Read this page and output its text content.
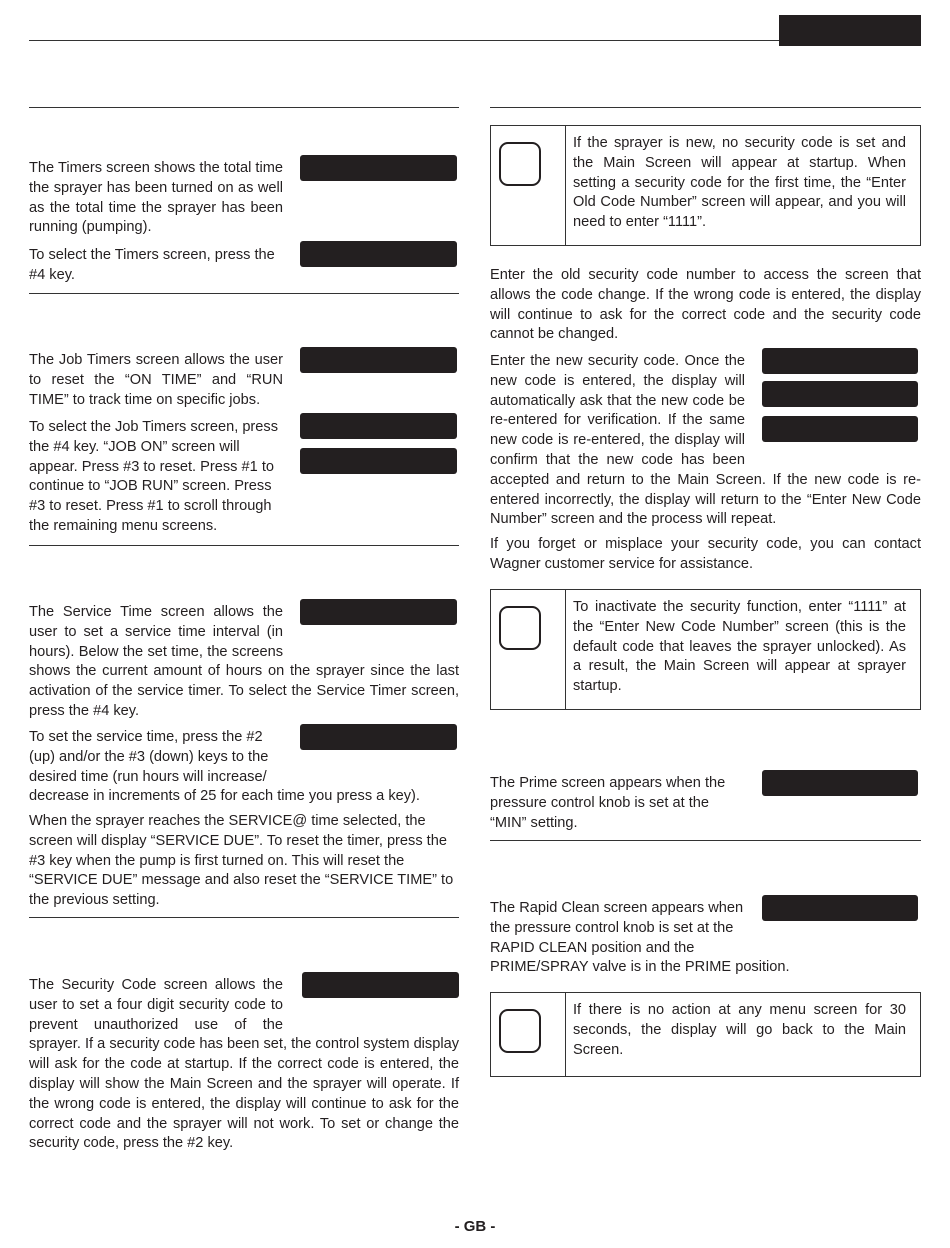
The Timers screen shows the total time the sprayer has been turned on as well as the total time the sprayer has been running (pumping).

To select the Timers screen, press the #4 key.

The Job Timers screen allows the user to reset the “ON TIME” and “RUN TIME” to track time on specific jobs.

To select the Job Timers screen, press the #4 key. “JOB ON” screen will appear. Press #3 to reset. Press #1 to continue to “JOB RUN” screen. Press #3 to reset. Press #1 to scroll through the remaining menu screens.
The Service Time screen allows the user to set a service time interval (in hours). Below the set time, the screens shows the current amount of hours on the sprayer since the last activation of the service timer. To select the Service Timer screen, press the #4 key.
To set the service time, press the #2 (up) and/or the #3 (down) keys to the desired time (run hours will increase/ decrease in increments of 25 for each time you press a key).

When the sprayer reaches the SERVICE@ time selected, the screen will display “SERVICE DUE”. To reset the timer, press the #3 key when the pump is first turned on. This will reset the “SERVICE DUE” message and also reset the “SERVICE TIME” to the previous setting.

The Security Code screen allows the user to set a four digit security code to prevent unauthorized use of the sprayer. If a security code has been set, the control system display will ask for the code at startup. If the correct code is entered, the display will show the Main Screen and the sprayer will operate. If the wrong code is entered, the display will continue to ask for the correct code and the sprayer will not work. To set or change the security code, press the #2 key.

If the sprayer is new, no security code is set and the Main Screen will appear at startup. When setting a security code for the first time, the “Enter Old Code Number” screen will appear, and you will need to enter “1111”.

Enter the old security code number to access the screen that allows the code change. If the wrong code is entered, the display will continue to ask for the correct code and the security code cannot be changed.

Enter the new security code. Once the new code is entered, the display will automatically ask that the new code be re-entered for verification. If the same new code is re-entered, the display will confirm that the new code has been accepted and return to the Main Screen. If the new code is re-entered incorrectly, the display will return to the “Enter New Code Number” screen and the process will repeat.

If you forget or misplace your security code, you can contact Wagner customer service for assistance.

To inactivate the security function, enter “1111” at the “Enter New Code Number” screen (this is the default code that leaves the sprayer unlocked). As a result, the Main Screen will appear at sprayer startup.

The Prime screen appears when the pressure control knob is set at the “MIN” setting.

The Rapid Clean screen appears when the pressure control knob is set at the RAPID CLEAN position and the PRIME/SPRAY valve is in the PRIME position.

If there is no action at any menu screen for 30 seconds, the display will go back to the Main Screen.

- GB -
